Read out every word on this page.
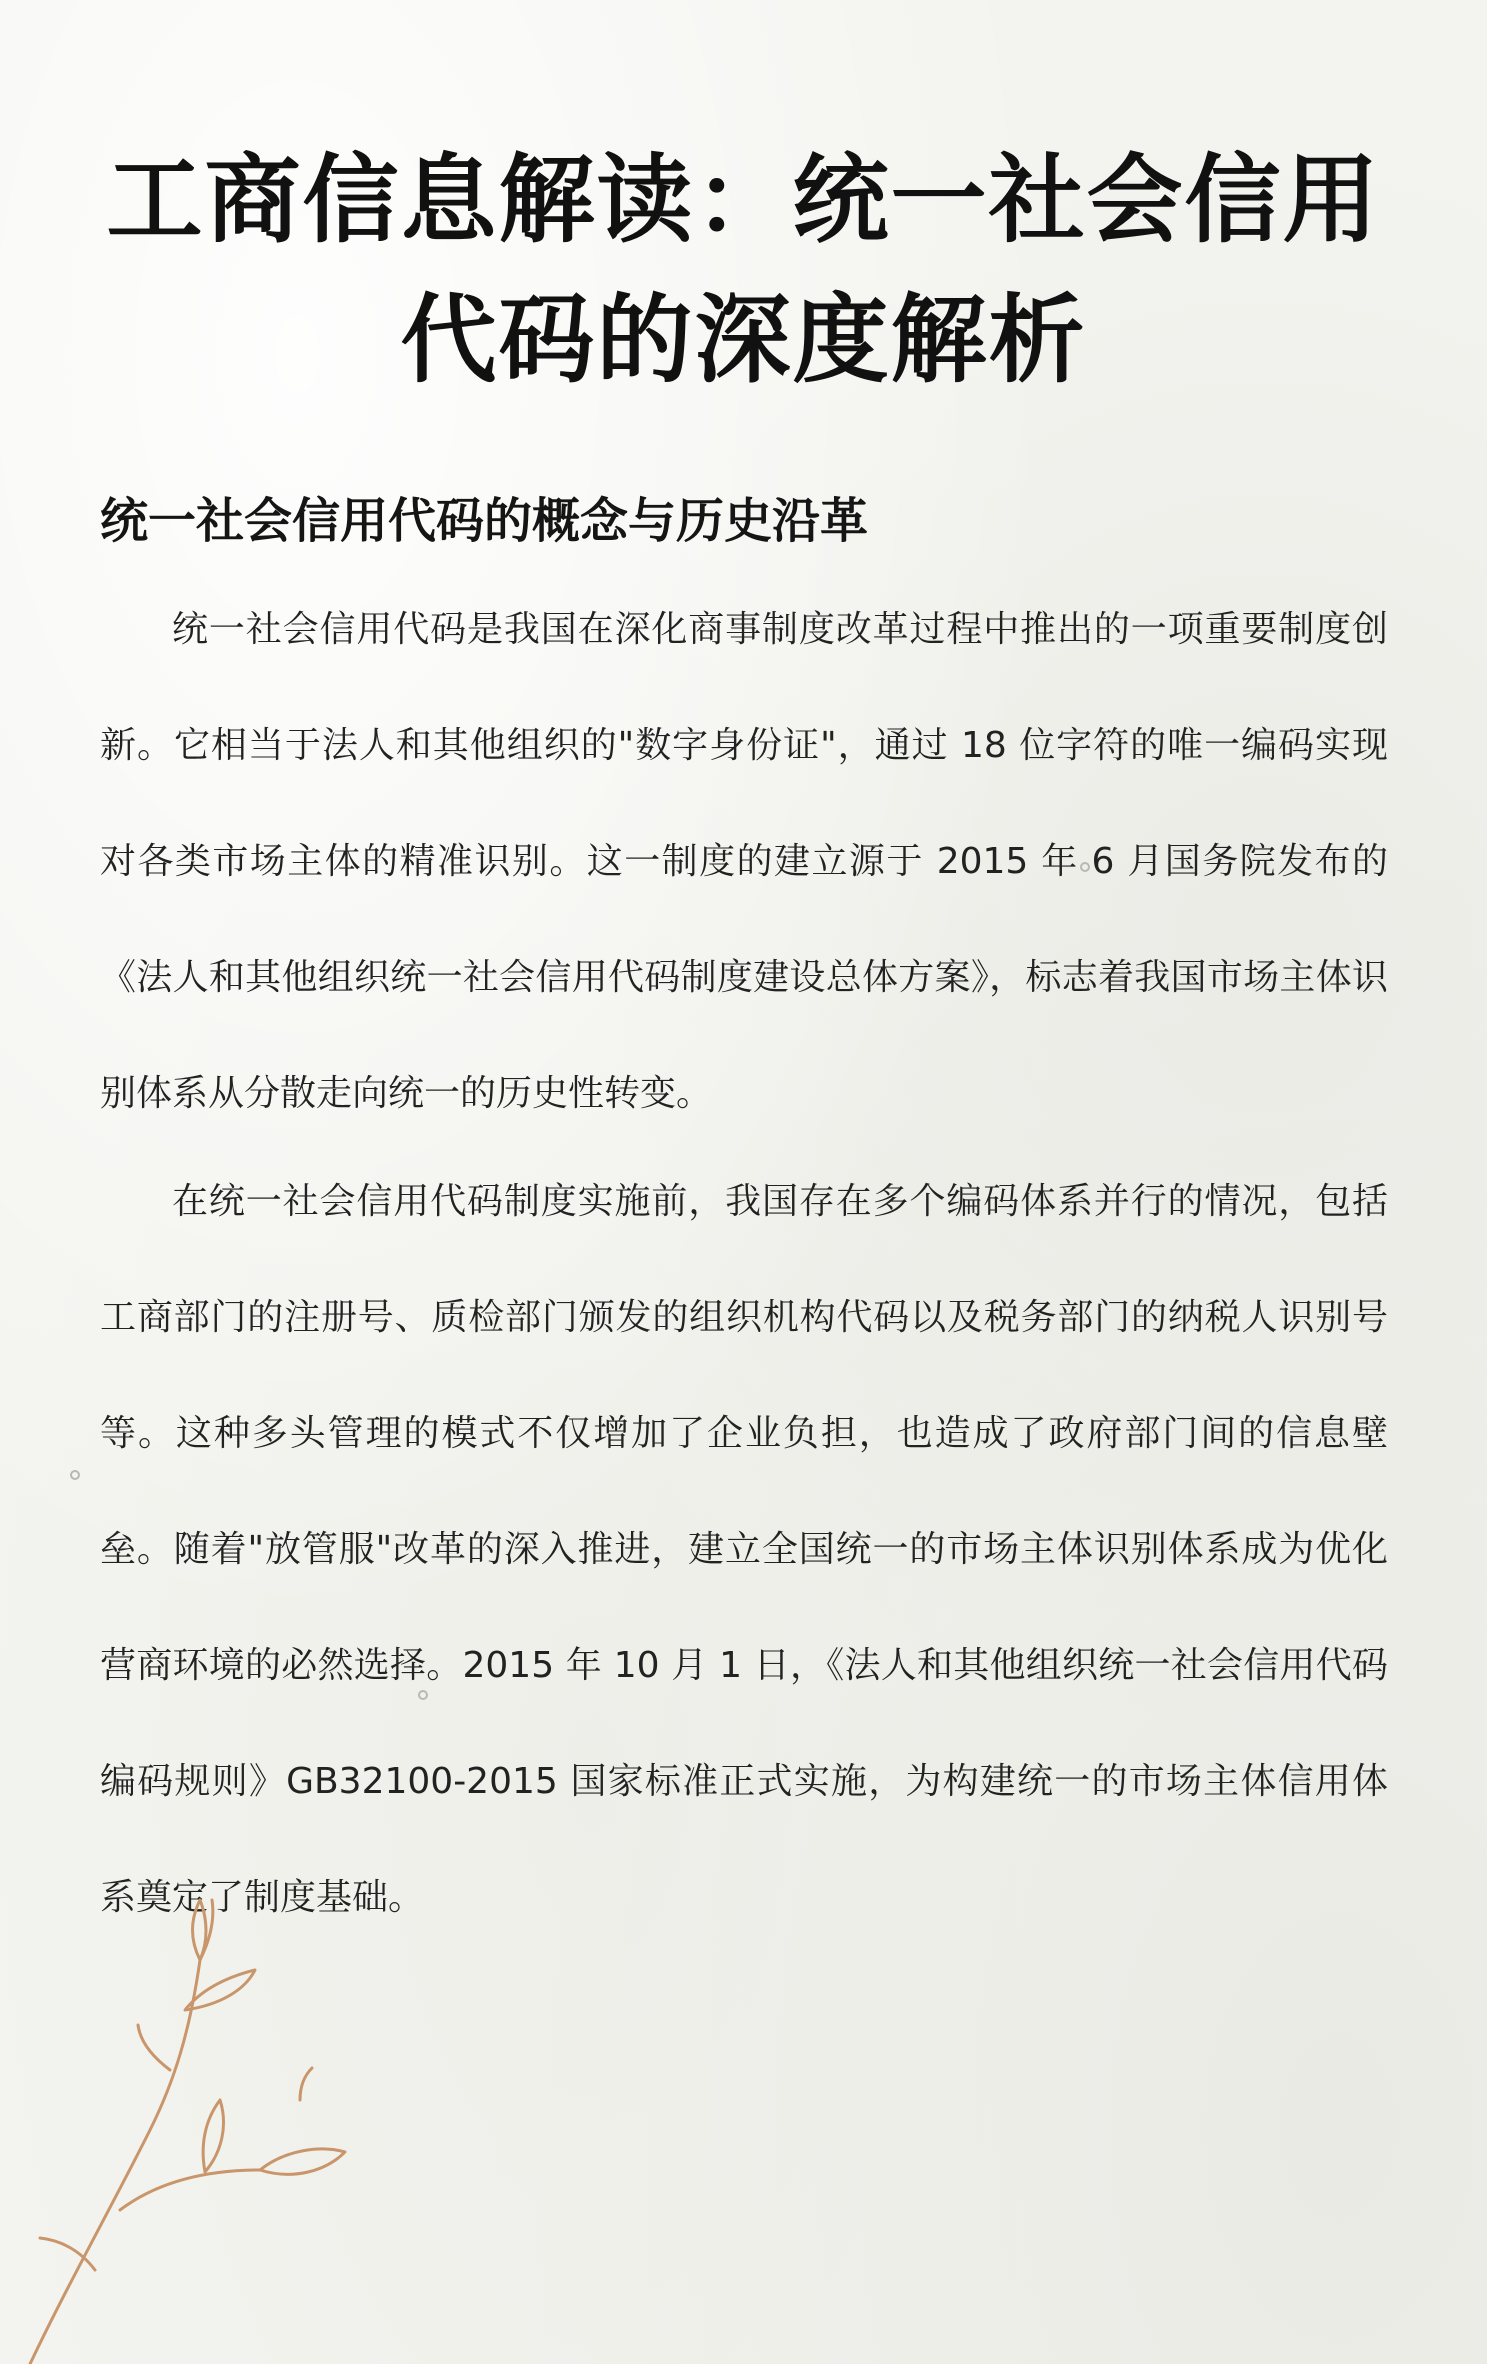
工商信息解读：统一社会信用代码的深度解析
统一社会信用代码的概念与历史沿革

统一社会信用代码是我国在深化商事制度改革过程中推出的一项重要制度创新。它相当于法人和其他组织的"数字身份证"，通过 18 位字符的唯一编码实现对各类市场主体的精准识别。这一制度的建立源于 2015 年 6 月国务院发布的《法人和其他组织统一社会信用代码制度建设总体方案》，标志着我国市场主体识别体系从分散走向统一的历史性转变。

在统一社会信用代码制度实施前，我国存在多个编码体系并行的情况，包括工商部门的注册号、质检部门颁发的组织机构代码以及税务部门的纳税人识别号等。这种多头管理的模式不仅增加了企业负担，也造成了政府部门间的信息壁垒。随着"放管服"改革的深入推进，建立全国统一的市场主体识别体系成为优化营商环境的必然选择。2015 年 10 月 1 日，《法人和其他组织统一社会信用代码编码规则》GB32100-2015 国家标准正式实施，为构建统一的市场主体信用体系奠定了制度基础。
